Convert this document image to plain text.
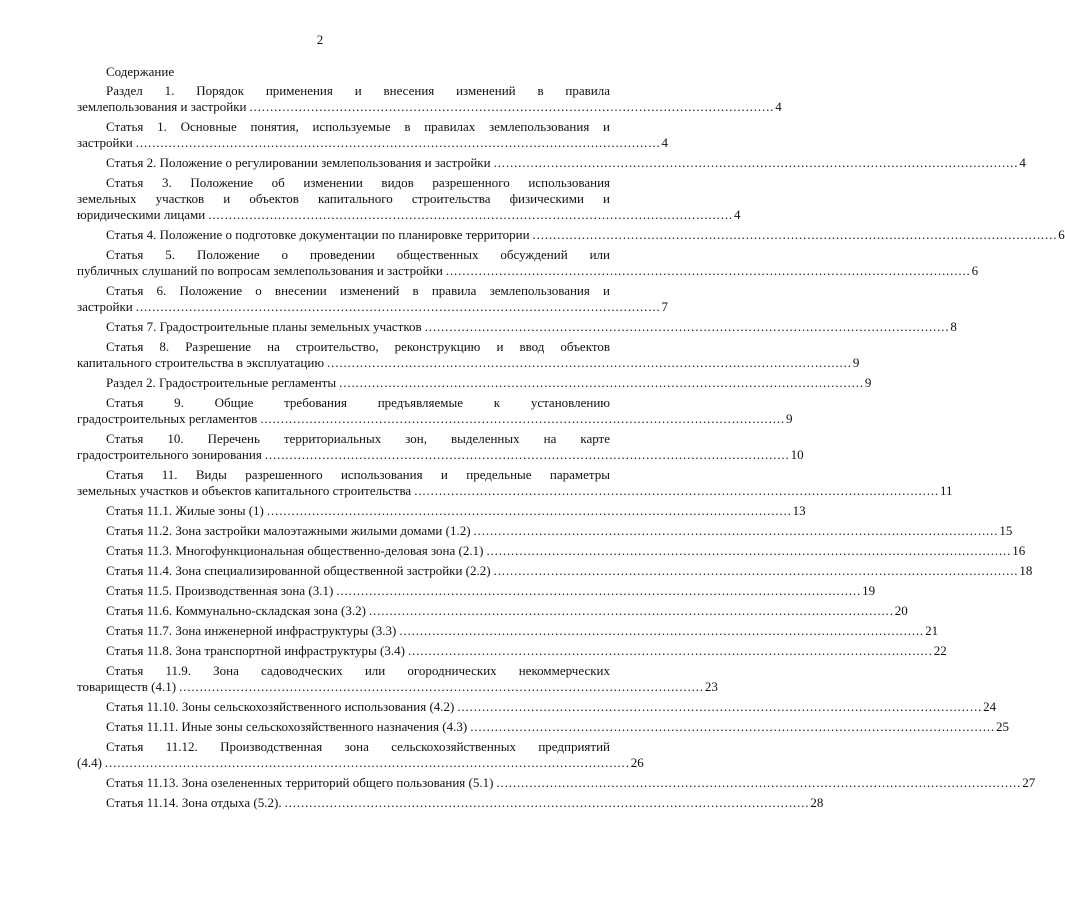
2
Содержание
Раздел 1. Порядок применения и внесения изменений в правила
землепользования и застройки . . .	4
Статья 1. Основные понятия, используемые в правилах землепользования и
застройки . . .	4
Статья 2. Положение о регулировании землепользования и застройки . . .	4
Статья 3. Положение об изменении видов разрешенного использования
земельных участков и объектов капитального строительства физическими и
юридическими лицами . . .	4
Статья 4. Положение о подготовке документации по планировке территории . . .	6
Статья 5. Положение о проведении общественных обсуждений или
публичных слушаний по вопросам землепользования и застройки . . .	6
Статья 6. Положение о внесении изменений в правила землепользования и
застройки . . .	7
Статья 7. Градостроительные планы земельных участков . . .	8
Статья 8. Разрешение на строительство, реконструкцию и ввод объектов
капитального строительства в эксплуатацию . . .	9
Раздел 2. Градостроительные регламенты . . .	9
Статья 9. Общие требования предъявляемые к установлению
градостроительных регламентов . . .	9
Статья 10. Перечень территориальных зон, выделенных на карте
градостроительного зонирования . . .	10
Статья 11. Виды разрешенного использования и предельные параметры
земельных участков и объектов капитального строительства . . .	11
Статья 11.1. Жилые зоны (1) . . .	13
Статья 11.2. Зона застройки малоэтажными жилыми домами (1.2) . . .	15
Статья 11.3. Многофункциональная общественно-деловая зона (2.1) . . .	16
Статья 11.4. Зона специализированной общественной застройки (2.2) . . .	18
Статья 11.5. Производственная зона (3.1) . . .	19
Статья 11.6. Коммунально-складская зона (3.2) . . .	20
Статья 11.7. Зона инженерной инфраструктуры (3.3) . . .	21
Статья 11.8. Зона транспортной инфраструктуры (3.4) . . .	22
Статья 11.9. Зона садоводческих или огороднических некоммерческих
товариществ (4.1) . . .	23
Статья 11.10. Зоны сельскохозяйственного использования (4.2) . . .	24
Статья 11.11. Иные зоны сельскохозяйственного назначения (4.3) . . .	25
Статья 11.12. Производственная зона сельскохозяйственных предприятий
(4.4) . . .	26
Статья 11.13. Зона озелененных территорий общего пользования (5.1) . . .	27
Статья 11.14. Зона отдыха (5.2). . . .	28
